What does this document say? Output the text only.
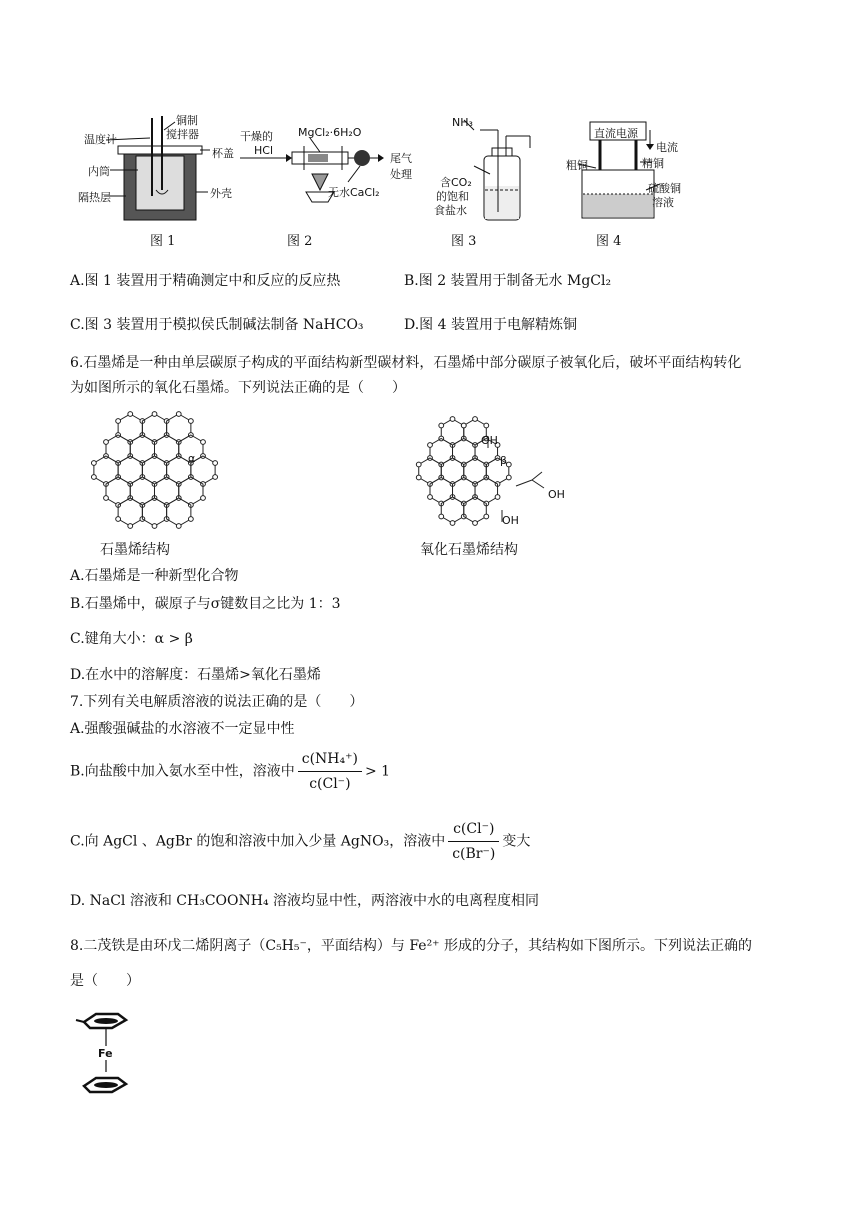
温度计
铜制
搅拌器
杯盖
内筒
外壳
隔热层
干燥的
HCl
MgCl₂·6H₂O
尾气
处理
无水CaCl₂
NH₃
含CO₂
的饱和
食盐水
直流电源
电流
粗铜	精铜
硫酸铜
溶液
图 1	图 2	图 3	图 4
A.图 1 装置用于精确测定中和反应的反应热	B.图 2 装置用于制备无水 MgCl₂
C.图 3 装置用于模拟侯氏制碱法制备 NaHCO₃	D.图 4 装置用于电解精炼铜
6.石墨烯是一种由单层碳原子构成的平面结构新型碳材料，石墨烯中部分碳原子被氧化后，破坏平面结构转化
为如图所示的氧化石墨烯。下列说法正确的是（　　）
α
OH
β
OH
OH
石墨烯结构	氧化石墨烯结构
A.石墨烯是一种新型化合物
B.石墨烯中，碳原子与σ键数目之比为 1：3
C.键角大小：α > β
D.在水中的溶解度：石墨烯>氧化石墨烯
7.下列有关电解质溶液的说法正确的是（　　）
A.强酸强碱盐的水溶液不一定显中性
B.向盐酸中加入氨水至中性，溶液中 $\frac{\text{c(NH₄⁺)}}{c(Cl^-)} > 1$
C.向 AgCl 、AgBr 的饱和溶液中加入少量 AgNO₃，溶液中 $\frac{c(Cl^-)}{c(Br^-)}$ 变大
D. NaCl 溶液和 CH₃COONH₄ 溶液均显中性，两溶液中水的电离程度相同
8.二茂铁是由环戊二烯阴离子（C₅H₅⁻，平面结构）与 Fe²⁺ 形成的分子，其结构如下图所示。下列说法正确的
是（　　）
Fe
